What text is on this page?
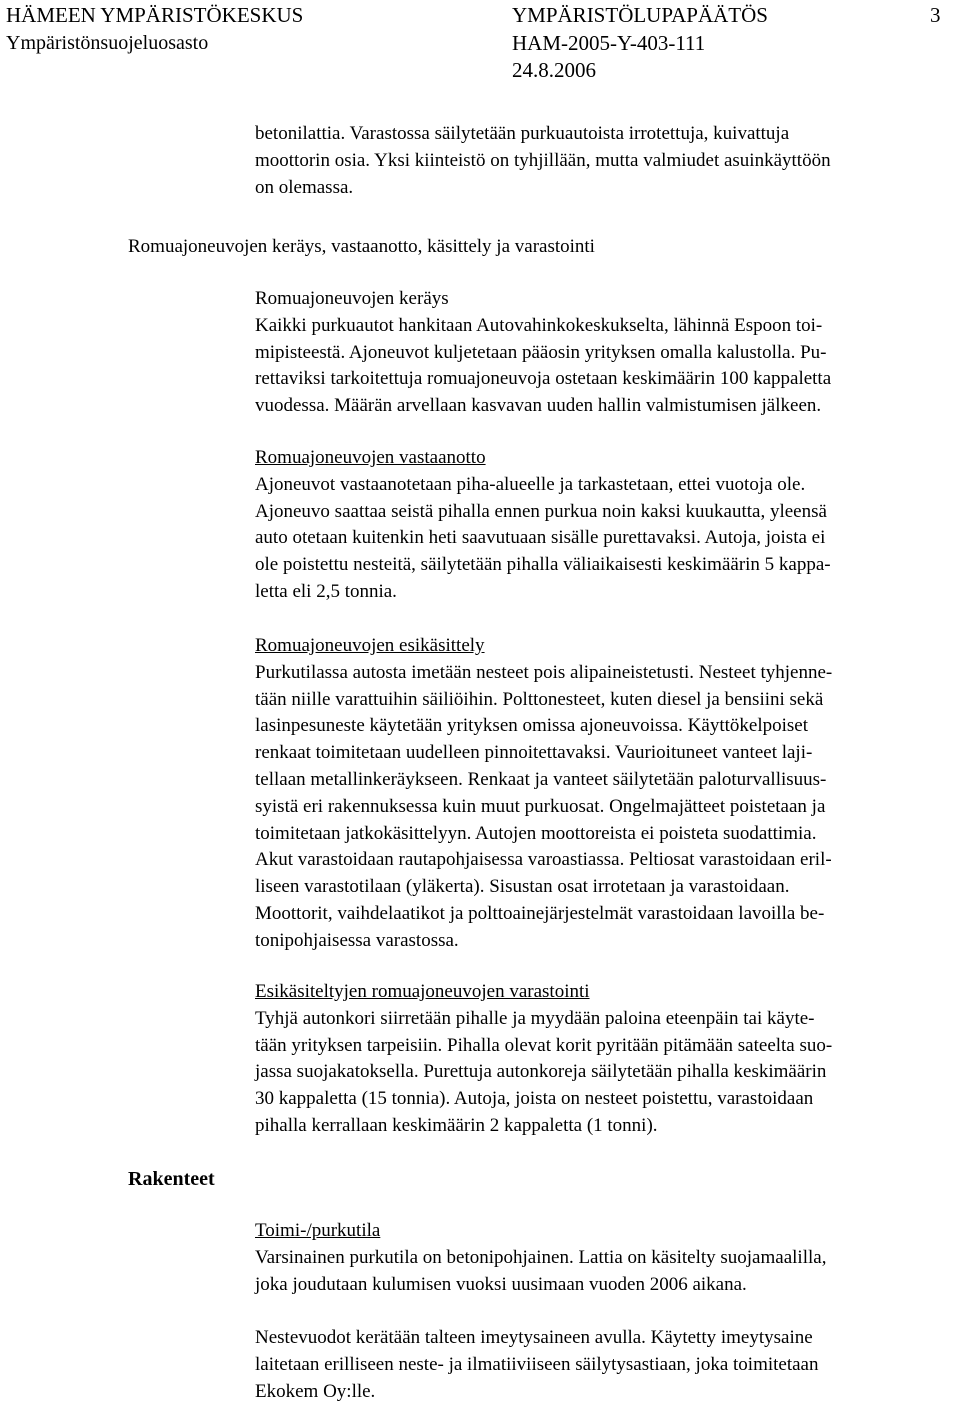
HÄMEEN YMPÄRISTÖKESKUS
Ympäristönsuojeluosasto
YMPÄRISTÖLUPAPÄÄTÖS
HAM-2005-Y-403-111
24.8.2006
3

betonilattia. Varastossa säilytetään purkuautoista irrotettuja, kuivattuja

moottorin osia. Yksi kiinteistö on tyhjillään, mutta valmiudet asuinkäyttöön

on olemassa.

Romuajoneuvojen keräys, vastaanotto, käsittely ja varastointi

Romuajoneuvojen keräys

Kaikki purkuautot hankitaan Autovahinkokeskukselta, lähinnä Espoon toi-

mipisteestä. Ajoneuvot kuljetetaan pääosin yrityksen omalla kalustolla. Pu-

rettaviksi tarkoitettuja romuajoneuvoja ostetaan keskimäärin 100 kappaletta

vuodessa. Määrän arvellaan kasvavan uuden hallin valmistumisen jälkeen.

Romuajoneuvojen vastaanotto

Ajoneuvot vastaanotetaan piha-alueelle ja tarkastetaan, ettei vuotoja ole.

Ajoneuvo saattaa seistä pihalla ennen purkua noin kaksi kuukautta, yleensä

auto otetaan kuitenkin heti saavutuaan sisälle purettavaksi. Autoja, joista ei

ole poistettu nesteitä, säilytetään pihalla väliaikaisesti keskimäärin 5 kappa-

letta eli 2,5 tonnia.

Romuajoneuvojen esikäsittely

Purkutilassa autosta imetään nesteet pois alipaineistetusti. Nesteet tyhjenne-

tään niille varattuihin säiliöihin. Polttonesteet, kuten diesel ja bensiini sekä

lasinpesuneste käytetään yrityksen omissa ajoneuvoissa. Käyttökelpoiset

renkaat toimitetaan uudelleen pinnoitettavaksi. Vaurioituneet vanteet laji-

tellaan metallinkeräykseen. Renkaat ja vanteet säilytetään paloturvallisuus-

syistä eri rakennuksessa kuin muut purkuosat. Ongelmajätteet poistetaan ja

toimitetaan jatkokäsittelyyn. Autojen moottoreista ei poisteta suodattimia.

Akut varastoidaan rautapohjaisessa varoastiassa. Peltiosat varastoidaan eril-

liseen varastotilaan (yläkerta). Sisustan osat irrotetaan ja varastoidaan.

Moottorit, vaihdelaatikot ja polttoainejärjestelmät varastoidaan lavoilla be-

tonipohjaisessa varastossa.

Esikäsiteltyjen romuajoneuvojen varastointi

Tyhjä autonkori siirretään pihalle ja myydään paloina eteenpäin tai käyte-

tään yrityksen tarpeisiin. Pihalla olevat korit pyritään pitämään sateelta suo-

jassa suojakatoksella. Purettuja autonkoreja säilytetään pihalla keskimäärin

30 kappaletta (15 tonnia). Autoja, joista on nesteet poistettu, varastoidaan

pihalla kerrallaan keskimäärin 2 kappaletta (1 tonni).

Rakenteet

Toimi-/purkutila

Varsinainen purkutila on betonipohjainen. Lattia on käsitelty suojamaalilla,

joka joudutaan kulumisen vuoksi uusimaan vuoden 2006 aikana.

Nestevuodot kerätään talteen imeytysaineen avulla. Käytetty imeytysaine

laitetaan erilliseen neste- ja ilmatiiviiseen säilytysastiaan, joka toimitetaan

Ekokem Oy:lle.
